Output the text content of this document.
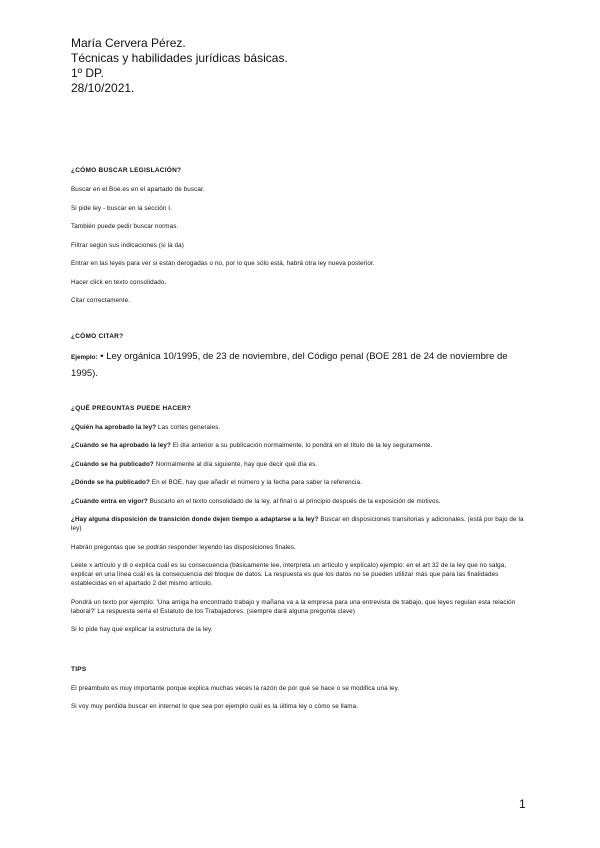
María Cervera Pérez.
Técnicas y habilidades jurídicas básicas.
1º DP.
28/10/2021.

¿CÓMO BUSCAR LEGISLACIÓN?

Buscar en el Boe.es en el apartado de buscar.

Si pide ley - buscar en la sección I.

También puede pedir buscar normas.

Filtrar según sus indicaciones (si la da)

Entrar en las leyes para ver si están derogadas o no, por lo que sólo está, habrá otra ley nueva posterior.

Hacer click en texto consolidado.

Citar correctamente.

¿CÓMO CITAR?

Ejemplo: • Ley orgánica 10/1995, de 23 de noviembre, del Código penal (BOE 281 de 24 de noviembre de 1995).

¿QUÉ PREGUNTAS PUEDE HACER?

¿Quién ha aprobado la ley? Las cortes generales.

¿Cuándo se ha aprobado la ley? El día anterior a su publicación normalmente, lo pondrá en el título de la ley seguramente.

¿Cuándo se ha publicado? Normalmente al día siguiente, hay que decir qué día es.

¿Dónde se ha publicado? En el BOE, hay que añadir el número y la fecha para saber la referencia.

¿Cuándo entra en vigor? Buscarlo en el texto consolidado de la ley, al final o al principio después de la exposición de motivos.

¿Hay alguna disposición de transición donde dejen tiempo a adaptarse a la ley? Buscar en disposiciones transitorias y adicionales. (está por bajo de la ley)

Habrán preguntas que se podrán responder leyendo las disposiciones finales.

Léete x artículo y di o explica cuál es su consecuencia (básicamente lee, interpreta un artículo y explícalo) ejemplo: en el art 32 de la ley que no salga, explicar en una línea cuál es la consecuencia del bloque de datos. La respuesta es que los datos no se pueden utilizar más que para las finalidades establecidas en el apartado 2 del mismo artículo.

Pondrá un texto por ejemplo: 'Una amiga ha encontrado trabajo y mañana va a la empresa para una entrevista de trabajo, que leyes regulan esta relación laboral?' La respuesta sería el Estatuto de los Trabajadores. (siempre dará alguna pregunta clave)

Si lo pide hay que explicar la estructura de la ley.

TIPS

El preámbulo es muy importante porque explica muchas veces la razón de por qué se hace o se modifica una ley.

Si voy muy perdida buscar en internet lo que sea por ejemplo cuál es la última ley o cómo se llama.

1
